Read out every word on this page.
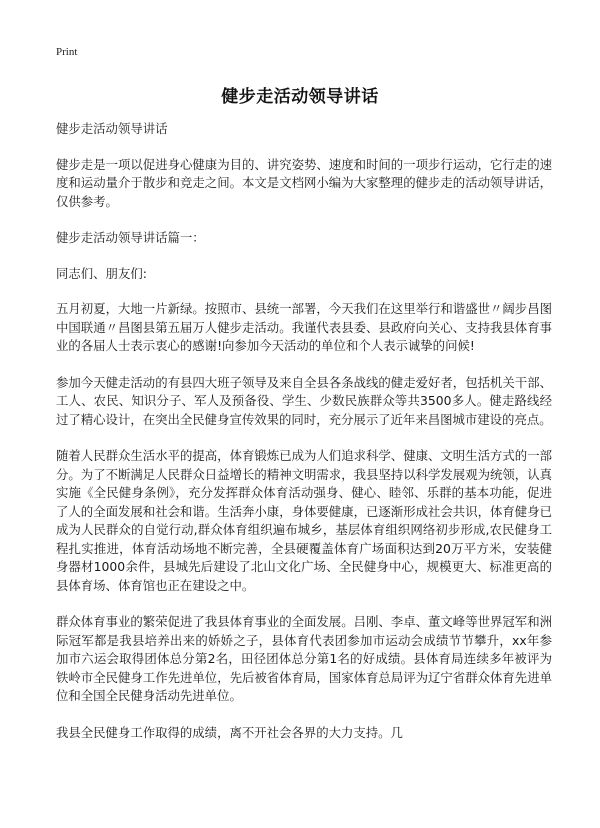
Print
健步走活动领导讲话

健步走活动领导讲话

健步走是一项以促进身心健康为目的、讲究姿势、速度和时间的一项步行运动，它行走的速度和运动量介于散步和竞走之间。本文是文档网小编为大家整理的健步走的活动领导讲话，仅供参考。

健步走活动领导讲话篇一：

同志们、朋友们:

五月初夏，大地一片新绿。按照市、县统一部署，今天我们在这里举行和谐盛世〃阔步昌图中国联通〃昌图县第五届万人健步走活动。我谨代表县委、县政府向关心、支持我县体育事业的各届人士表示衷心的感谢!向参加今天活动的单位和个人表示诚挚的问候!

参加今天健走活动的有县四大班子领导及来自全县各条战线的健走爱好者，包括机关干部、工人、农民、知识分子、军人及预备役、学生、少数民族群众等共3500多人。健走路线经过了精心设计，在突出全民健身宣传效果的同时，充分展示了近年来昌图城市建设的亮点。

随着人民群众生活水平的提高，体育锻炼已成为人们追求科学、健康、文明生活方式的一部分。为了不断满足人民群众日益增长的精神文明需求，我县坚持以科学发展观为统领，认真实施《全民健身条例》，充分发挥群众体育活动强身、健心、睦邻、乐群的基本功能，促进了人的全面发展和社会和谐。生活奔小康，身体要健康，已逐渐形成社会共识，体育健身已成为人民群众的自觉行动,群众体育组织遍布城乡，基层体育组织网络初步形成,农民健身工程扎实推进，体育活动场地不断完善，全县硬覆盖体育广场面积达到20万平方米，安装健身器材1000余件，县城先后建设了北山文化广场、全民健身中心，规模更大、标准更高的县体育场、体育馆也正在建设之中。

群众体育事业的繁荣促进了我县体育事业的全面发展。吕刚、李卓、董文峰等世界冠军和洲际冠军都是我县培养出来的娇娇之子，县体育代表团参加市运动会成绩节节攀升，xx年参加市六运会取得团体总分第2名，田径团体总分第1名的好成绩。县体育局连续多年被评为铁岭市全民健身工作先进单位，先后被省体育局，国家体育总局评为辽宁省群众体育先进单位和全国全民健身活动先进单位。

我县全民健身工作取得的成绩，离不开社会各界的大力支持。几
